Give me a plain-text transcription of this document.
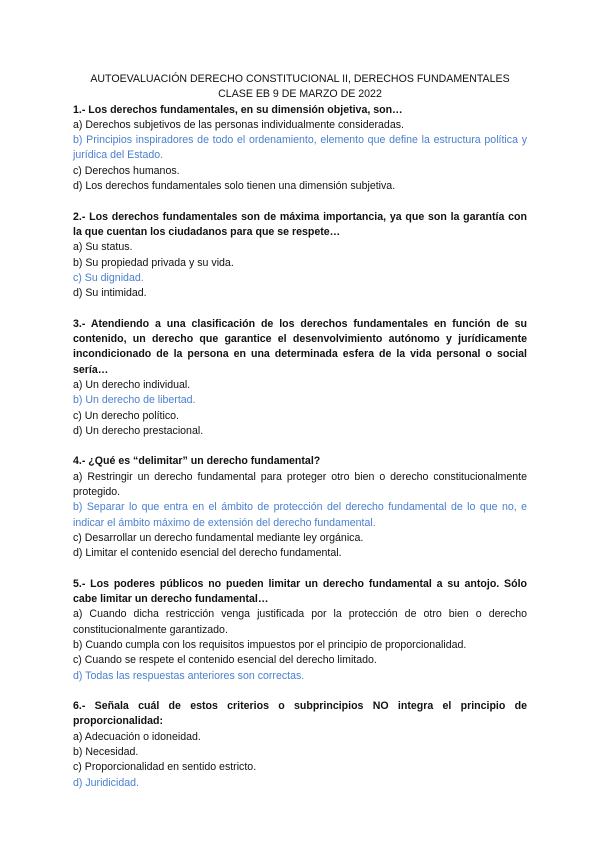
AUTOEVALUACIÓN DERECHO CONSTITUCIONAL II, DERECHOS FUNDAMENTALES

CLASE EB 9 DE MARZO DE 2022

1.- Los derechos fundamentales, en su dimensión objetiva, son…

a) Derechos subjetivos de las personas individualmente consideradas.

b) Principios inspiradores de todo el ordenamiento, elemento que define la estructura política y jurídica del Estado.

c) Derechos humanos.

d) Los derechos fundamentales solo tienen una dimensión subjetiva.

2.- Los derechos fundamentales son de máxima importancia, ya que son la garantía con la que cuentan los ciudadanos para que se respete…

a) Su status.

b) Su propiedad privada y su vida.

c) Su dignidad.

d) Su intimidad.

3.- Atendiendo a una clasificación de los derechos fundamentales en función de su contenido, un derecho que garantice el desenvolvimiento autónomo y jurídicamente incondicionado de la persona en una determinada esfera de la vida personal o social sería…

a) Un derecho individual.

b) Un derecho de libertad.

c) Un derecho político.

d) Un derecho prestacional.

4.- ¿Qué es “delimitar” un derecho fundamental?

a) Restringir un derecho fundamental para proteger otro bien o derecho constitucionalmente protegido.

b) Separar lo que entra en el ámbito de protección del derecho fundamental de lo que no, e indicar el ámbito máximo de extensión del derecho fundamental.

c) Desarrollar un derecho fundamental mediante ley orgánica.

d) Limitar el contenido esencial del derecho fundamental.

5.- Los poderes públicos no pueden limitar un derecho fundamental a su antojo. Sólo cabe limitar un derecho fundamental…

a) Cuando dicha restricción venga justificada por la protección de otro bien o derecho constitucionalmente garantizado.

b) Cuando cumpla con los requisitos impuestos por el principio de proporcionalidad.

c) Cuando se respete el contenido esencial del derecho limitado.

d) Todas las respuestas anteriores son correctas.

6.- Señala cuál de estos criterios o subprincipios NO integra el principio de proporcionalidad:

a) Adecuación o idoneidad.

b) Necesidad.

c) Proporcionalidad en sentido estricto.

d) Juridicidad.
